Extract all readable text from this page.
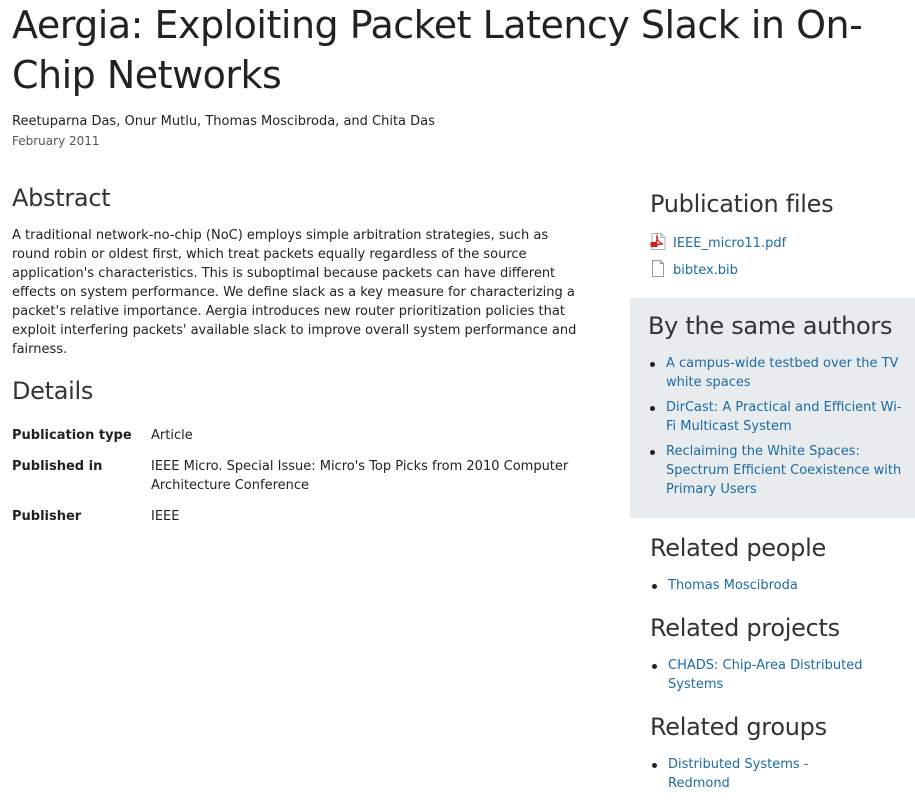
Aergia: Exploiting Packet Latency Slack in On-Chip Networks
Reetuparna Das, Onur Mutlu, Thomas Moscibroda, and Chita Das
February 2011
Abstract
A traditional network-no-chip (NoC) employs simple arbitration strategies, such as round robin or oldest first, which treat packets equally regardless of the source application's characteristics. This is suboptimal because packets can have different effects on system performance. We define slack as a key measure for characterizing a packet's relative importance. Aergia introduces new router prioritization policies that exploit interfering packets' available slack to improve overall system performance and fairness.
Details
Publication type	Article
Published in	IEEE Micro. Special Issue: Micro's Top Picks from 2010 Computer Architecture Conference
Publisher	IEEE
Publication files
IEEE_micro11.pdf
bibtex.bib
By the same authors
A campus-wide testbed over the TV white spaces
DirCast: A Practical and Efficient Wi-Fi Multicast System
Reclaiming the White Spaces: Spectrum Efficient Coexistence with Primary Users
Related people
Thomas Moscibroda
Related projects
CHADS: Chip-Area Distributed Systems
Related groups
Distributed Systems - Redmond
